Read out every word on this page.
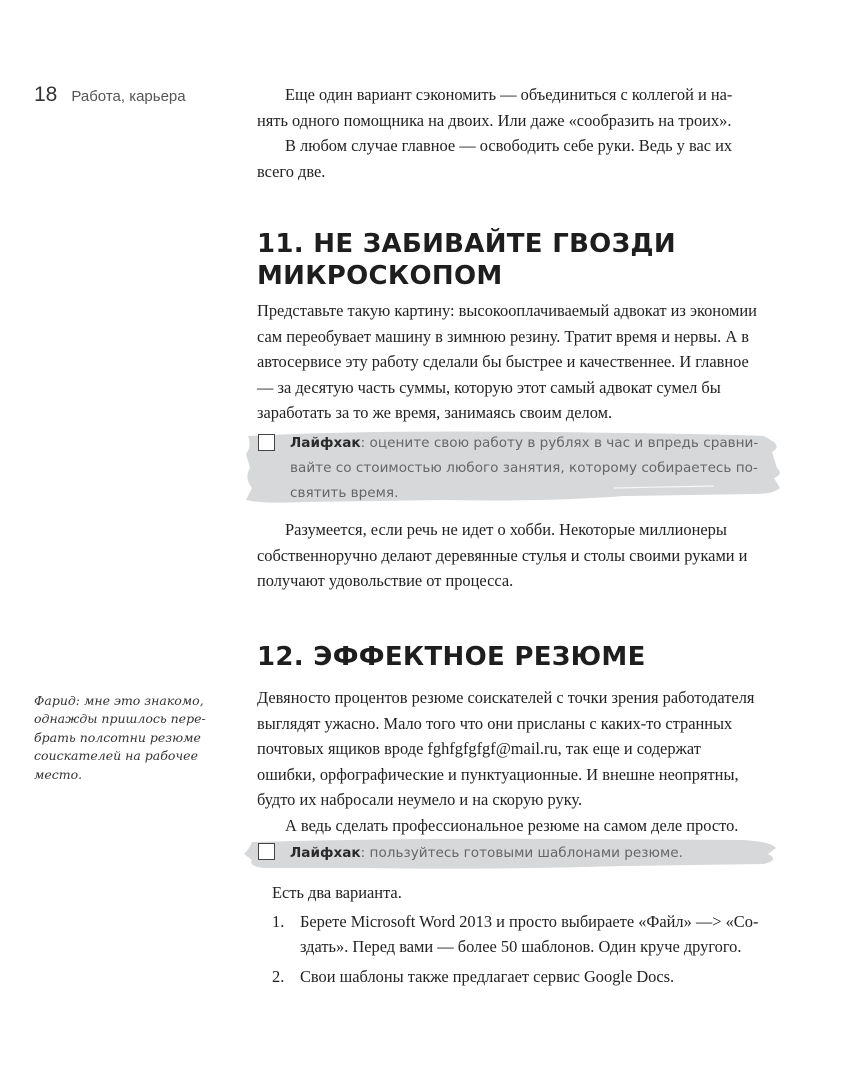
18 Работа, карьера	Еще один вариант сэкономить — объединиться с коллегой и нанять одного помощника на двоих. Или даже «сообразить на троих».

В любом случае главное — освободить себе руки. Ведь у вас их всего две.

11. НЕ ЗАБИВАЙТЕ ГВОЗДИ МИКРОСКОПОМ

Представьте такую картину: высокооплачиваемый адвокат из экономии сам переобувает машину в зимнюю резину. Тратит время и нервы. А в автосервисе эту работу сделали бы быстрее и качественнее. И главное — за десятую часть суммы, которую этот самый адвокат сумел бы заработать за то же время, занимаясь своим делом.

Лайфхак: оцените свою работу в рублях в час и впредь сравнивайте со стоимостью любого занятия, которому собираетесь посвятить время.

Разумеется, если речь не идет о хобби. Некоторые миллионеры собственноручно делают деревянные стулья и столы своими руками и получают удовольствие от процесса.

12. ЭФФЕКТНОЕ РЕЗЮМЕ
Фарид: мне это знакомо, однажды пришлось перебрать полсотни резюме соискателей на рабочее место.

Девяносто процентов резюме соискателей с точки зрения работодателя выглядят ужасно. Мало того что они присланы с каких-то странных почтовых ящиков вроде fghfgfgfgf@mail.ru, так еще и содержат ошибки, орфографические и пунктуационные. И внешне неопрятны, будто их набросали неумело и на скорую руку.

А ведь сделать профессиональное резюме на самом деле просто.

Лайфхак: пользуйтесь готовыми шаблонами резюме.

Есть два варианта.

1. Берете Microsoft Word 2013 и просто выбираете «Файл» —> «Создать». Перед вами — более 50 шаблонов. Один круче другого.
2. Свои шаблоны также предлагает сервис Google Docs.
